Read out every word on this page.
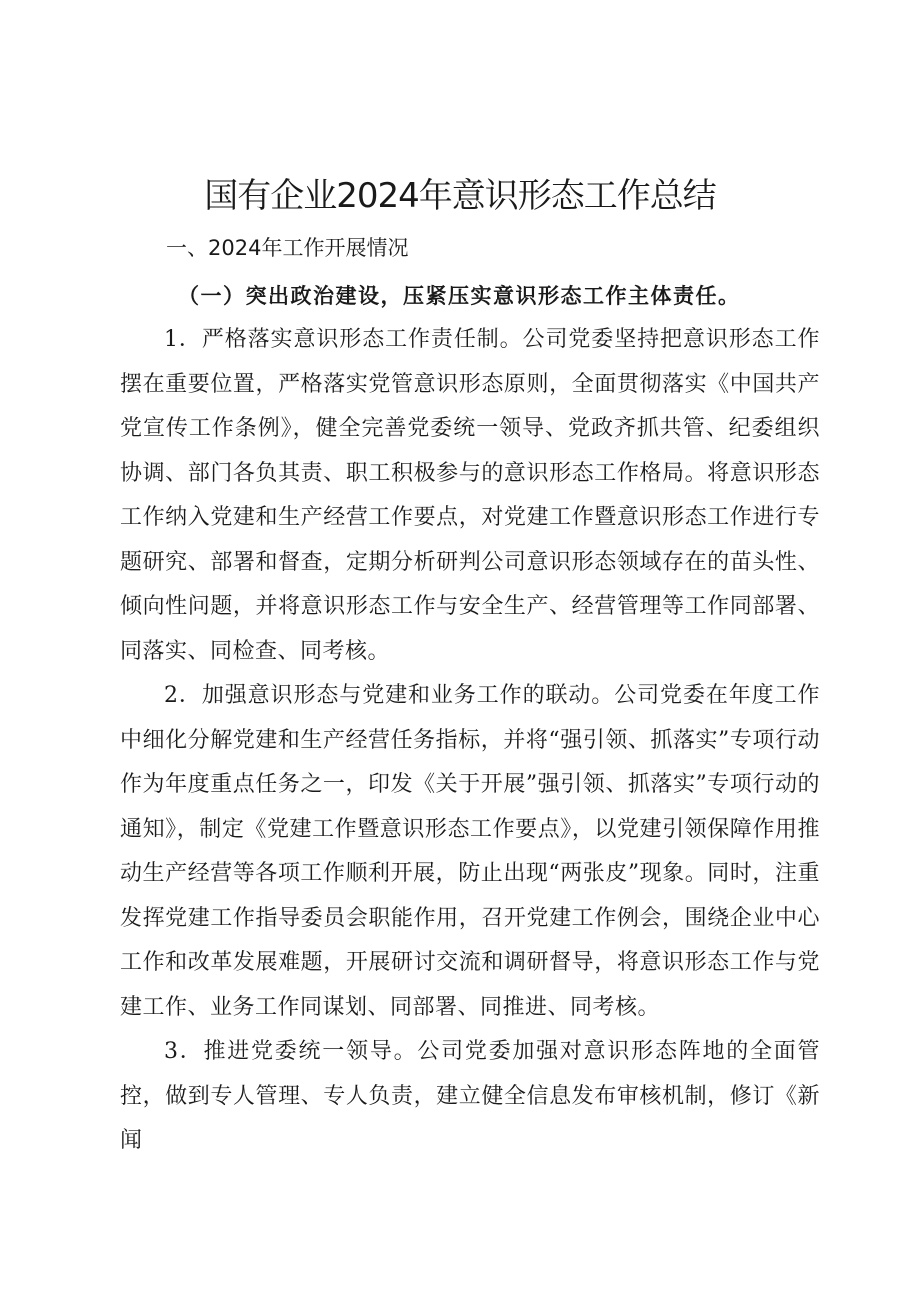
国有企业2024年意识形态工作总结
一、2024年工作开展情况
（一）突出政治建设，压紧压实意识形态工作主体责任。

1．严格落实意识形态工作责任制。公司党委坚持把意识形态工作摆在重要位置，严格落实党管意识形态原则，全面贯彻落实《中国共产党宣传工作条例》，健全完善党委统一领导、党政齐抓共管、纪委组织协调、部门各负其责、职工积极参与的意识形态工作格局。将意识形态工作纳入党建和生产经营工作要点，对党建工作暨意识形态工作进行专题研究、部署和督查，定期分析研判公司意识形态领域存在的苗头性、倾向性问题，并将意识形态工作与安全生产、经营管理等工作同部署、同落实、同检查、同考核。

2．加强意识形态与党建和业务工作的联动。公司党委在年度工作中细化分解党建和生产经营任务指标，并将“强引领、抓落实”专项行动作为年度重点任务之一，印发《关于开展”强引领、抓落实”专项行动的通知》，制定《党建工作暨意识形态工作要点》，以党建引领保障作用推动生产经营等各项工作顺利开展，防止出现“两张皮”现象。同时，注重发挥党建工作指导委员会职能作用，召开党建工作例会，围绕企业中心工作和改革发展难题，开展研讨交流和调研督导，将意识形态工作与党建工作、业务工作同谋划、同部署、同推进、同考核。

3．推进党委统一领导。公司党委加强对意识形态阵地的全面管控，做到专人管理、专人负责，建立健全信息发布审核机制，修订《新闻
